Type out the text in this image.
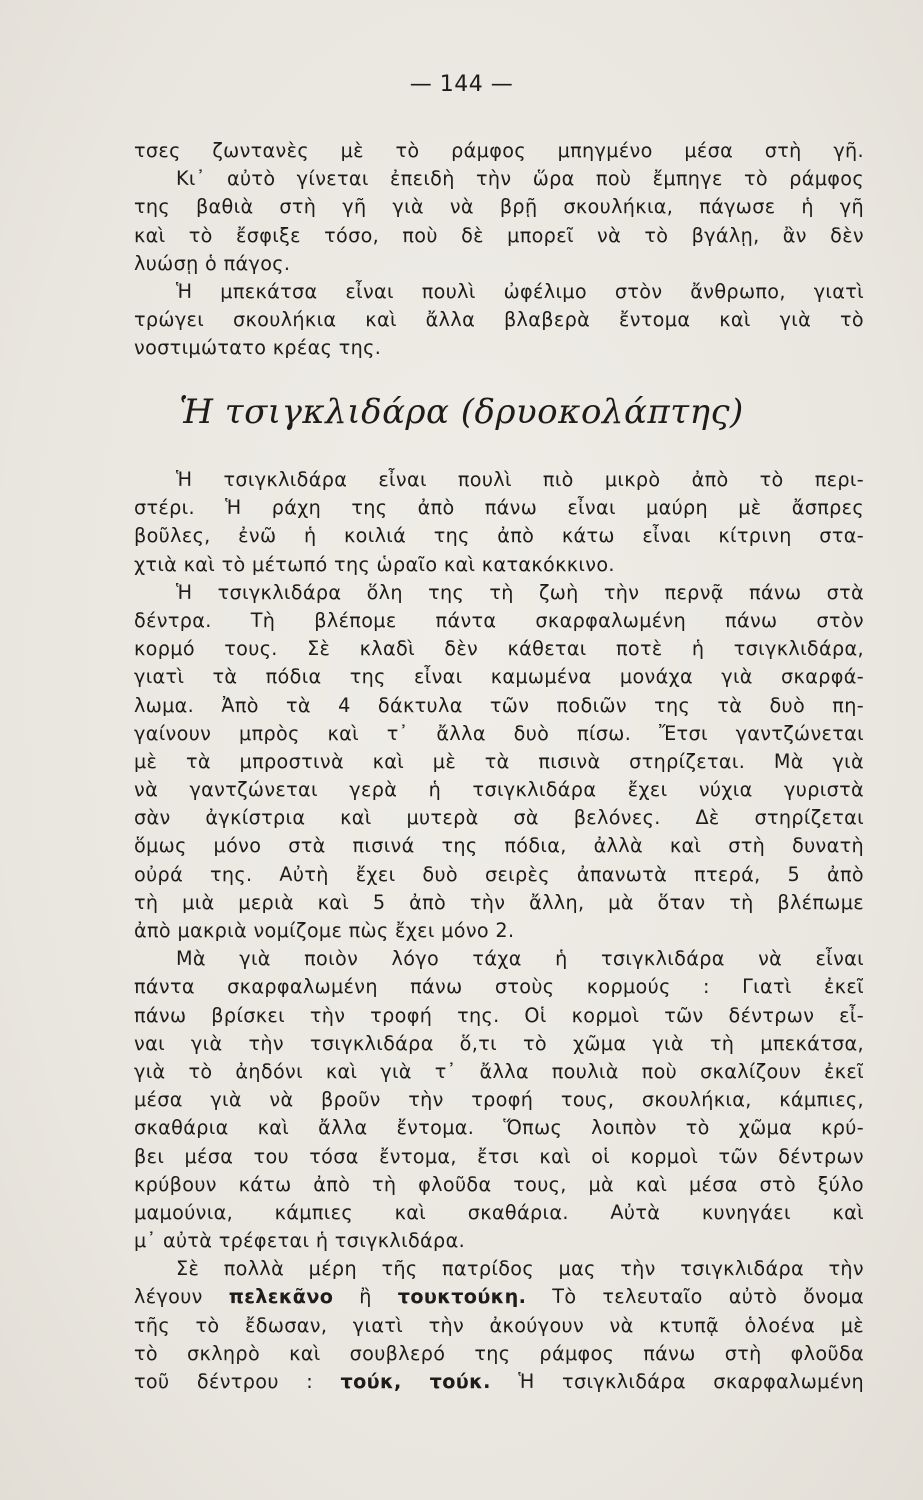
— 144 —
τσες ζωντανὲς μὲ τὸ ράμφος μπηγμένο μέσα στὴ γῆ.
Κι᾽ αὐτὸ γίνεται ἐπειδὴ τὴν ὥρα ποὺ ἔμπηγε τὸ ράμφος
της βαθιὰ στὴ γῆ γιὰ νὰ βρῇ σκουλήκια, πάγωσε ἡ γῆ
καὶ τὸ ἔσφιξε τόσο, ποὺ δὲ μπορεῖ νὰ τὸ βγάλῃ, ἂν δὲν
λυώσῃ ὁ πάγος.
Ἡ μπεκάτσα εἶναι πουλὶ ὠφέλιμο στὸν ἄνθρωπο, γιατὶ
τρώγει σκουλήκια καὶ ἄλλα βλαβερὰ ἔντομα καὶ γιὰ τὸ
νοστιμώτατο κρέας της.
Ἡ τσιγκλιδάρα (δρυοκολάπτης)
Ἡ τσιγκλιδάρα εἶναι πουλὶ πιὸ μικρὸ ἀπὸ τὸ περι-
στέρι. Ἡ ράχη της ἀπὸ πάνω εἶναι μαύρη μὲ ἄσπρες
βοῦλες, ἐνῶ ἡ κοιλιά της ἀπὸ κάτω εἶναι κίτρινη στα-
χτιὰ καὶ τὸ μέτωπό της ὡραῖο καὶ κατακόκκινο.
Ἡ τσιγκλιδάρα ὅλη της τὴ ζωὴ τὴν περνᾷ πάνω στὰ
δέντρα. Τὴ βλέπομε πάντα σκαρφαλωμένη πάνω στὸν
κορμό τους. Σὲ κλαδὶ δὲν κάθεται ποτὲ ἡ τσιγκλιδάρα,
γιατὶ τὰ πόδια της εἶναι καμωμένα μονάχα γιὰ σκαρφά-
λωμα. Ἀπὸ τὰ 4 δάκτυλα τῶν ποδιῶν της τὰ δυὸ πη-
γαίνουν μπρὸς καὶ τ᾽ ἄλλα δυὸ πίσω. Ἔτσι γαντζώνεται
μὲ τὰ μπροστινὰ καὶ μὲ τὰ πισινὰ στηρίζεται. Μὰ γιὰ
νὰ γαντζώνεται γερὰ ἡ τσιγκλιδάρα ἔχει νύχια γυριστὰ
σὰν ἀγκίστρια καὶ μυτερὰ σὰ βελόνες. Δὲ στηρίζεται
ὅμως μόνο στὰ πισινά της πόδια, ἀλλὰ καὶ στὴ δυνατὴ
οὐρά της. Αὐτὴ ἔχει δυὸ σειρὲς ἀπανωτὰ πτερά, 5 ἀπὸ
τὴ μιὰ μεριὰ καὶ 5 ἀπὸ τὴν ἄλλη, μὰ ὅταν τὴ βλέπωμε
ἀπὸ μακριὰ νομίζομε πὼς ἔχει μόνο 2.
Μὰ γιὰ ποιὸν λόγο τάχα ἡ τσιγκλιδάρα νὰ εἶναι
πάντα σκαρφαλωμένη πάνω στοὺς κορμούς : Γιατὶ ἐκεῖ
πάνω βρίσκει τὴν τροφή της. Οἱ κορμοὶ τῶν δέντρων εἶ-
ναι γιὰ τὴν τσιγκλιδάρα ὅ,τι τὸ χῶμα γιὰ τὴ μπεκάτσα,
γιὰ τὸ ἀηδόνι καὶ γιὰ τ᾽ ἄλλα πουλιὰ ποὺ σκαλίζουν ἐκεῖ
μέσα γιὰ νὰ βροῦν τὴν τροφή τους, σκουλήκια, κάμπιες,
σκαθάρια καὶ ἄλλα ἔντομα. Ὅπως λοιπὸν τὸ χῶμα κρύ-
βει μέσα του τόσα ἔντομα, ἔτσι καὶ οἱ κορμοὶ τῶν δέντρων
κρύβουν κάτω ἀπὸ τὴ φλοῦδα τους, μὰ καὶ μέσα στὸ ξύλο
μαμούνια, κάμπιες καὶ σκαθάρια. Αὐτὰ κυνηγάει καὶ
μ᾽ αὐτὰ τρέφεται ἡ τσιγκλιδάρα.
Σὲ πολλὰ μέρη τῆς πατρίδος μας τὴν τσιγκλιδάρα τὴν
λέγουν πελεκᾶνο ἢ τουκτούκη. Τὸ τελευταῖο αὐτὸ ὄνομα
τῆς τὸ ἔδωσαν, γιατὶ τὴν ἀκούγουν νὰ κτυπᾷ ὁλοένα μὲ
τὸ σκληρὸ καὶ σουβλερό της ράμφος πάνω στὴ φλοῦδα
τοῦ δέντρου : τούκ, τούκ. Ἡ τσιγκλιδάρα σκαρφαλωμένη
